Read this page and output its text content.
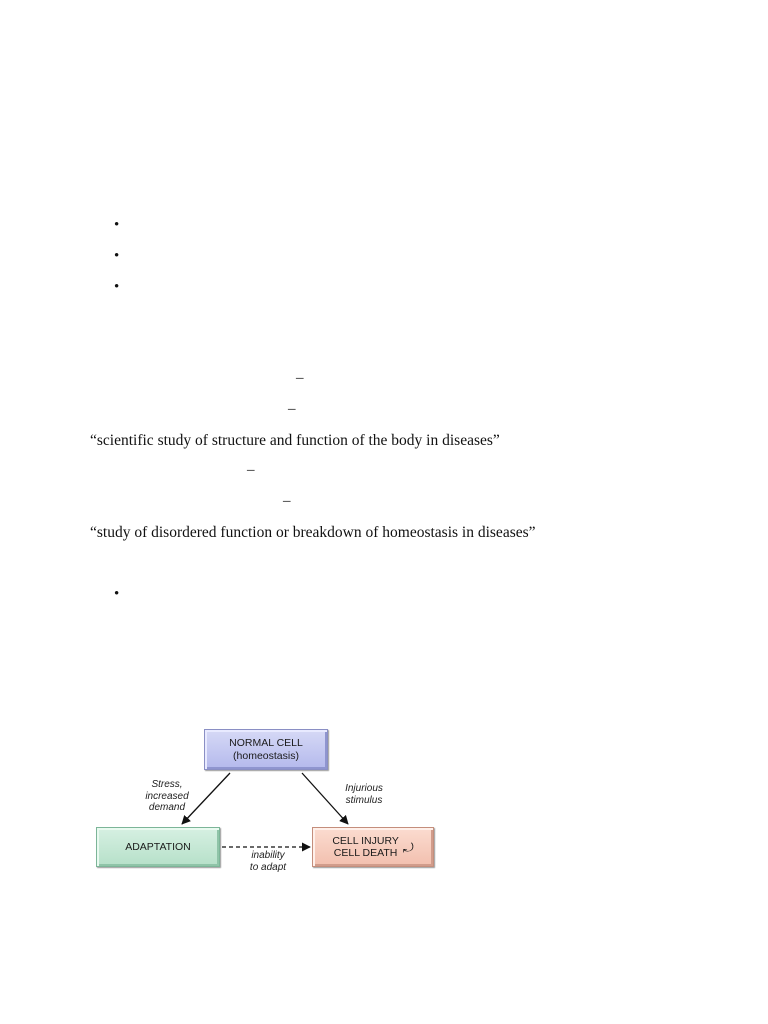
•
•
•
–
–
“scientific study of structure and function of the body in diseases”
–
–
“study of disordered function or breakdown of homeostasis in diseases”
•
NORMAL CELL
(homeostasis)
ADAPTATION
CELL INJURY
CELL DEATH ⤾
Stress,
increased
demand
Injurious
stimulus
inability
to adapt
